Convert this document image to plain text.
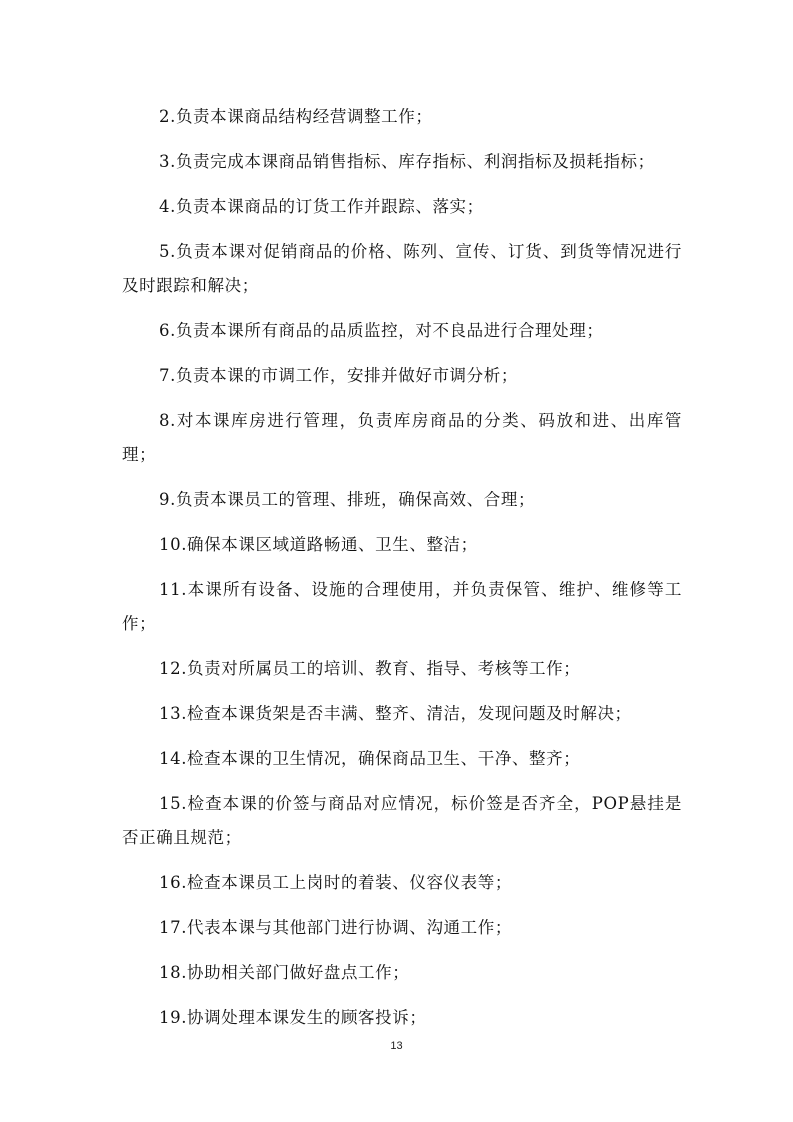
2.负责本课商品结构经营调整工作；

3.负责完成本课商品销售指标、库存指标、利润指标及损耗指标；

4.负责本课商品的订货工作并跟踪、落实；

5.负责本课对促销商品的价格、陈列、宣传、订货、到货等情况进行及时跟踪和解决；

6.负责本课所有商品的品质监控，对不良品进行合理处理；

7.负责本课的市调工作，安排并做好市调分析；

8.对本课库房进行管理，负责库房商品的分类、码放和进、出库管理；

9.负责本课员工的管理、排班，确保高效、合理；

10.确保本课区域道路畅通、卫生、整洁；

11.本课所有设备、设施的合理使用，并负责保管、维护、维修等工作；

12.负责对所属员工的培训、教育、指导、考核等工作；

13.检查本课货架是否丰满、整齐、清洁，发现问题及时解决；

14.检查本课的卫生情况，确保商品卫生、干净、整齐；

15.检查本课的价签与商品对应情况，标价签是否齐全，POP悬挂是否正确且规范；

16.检查本课员工上岗时的着装、仪容仪表等；

17.代表本课与其他部门进行协调、沟通工作；

18.协助相关部门做好盘点工作；

19.协调处理本课发生的顾客投诉；

13
